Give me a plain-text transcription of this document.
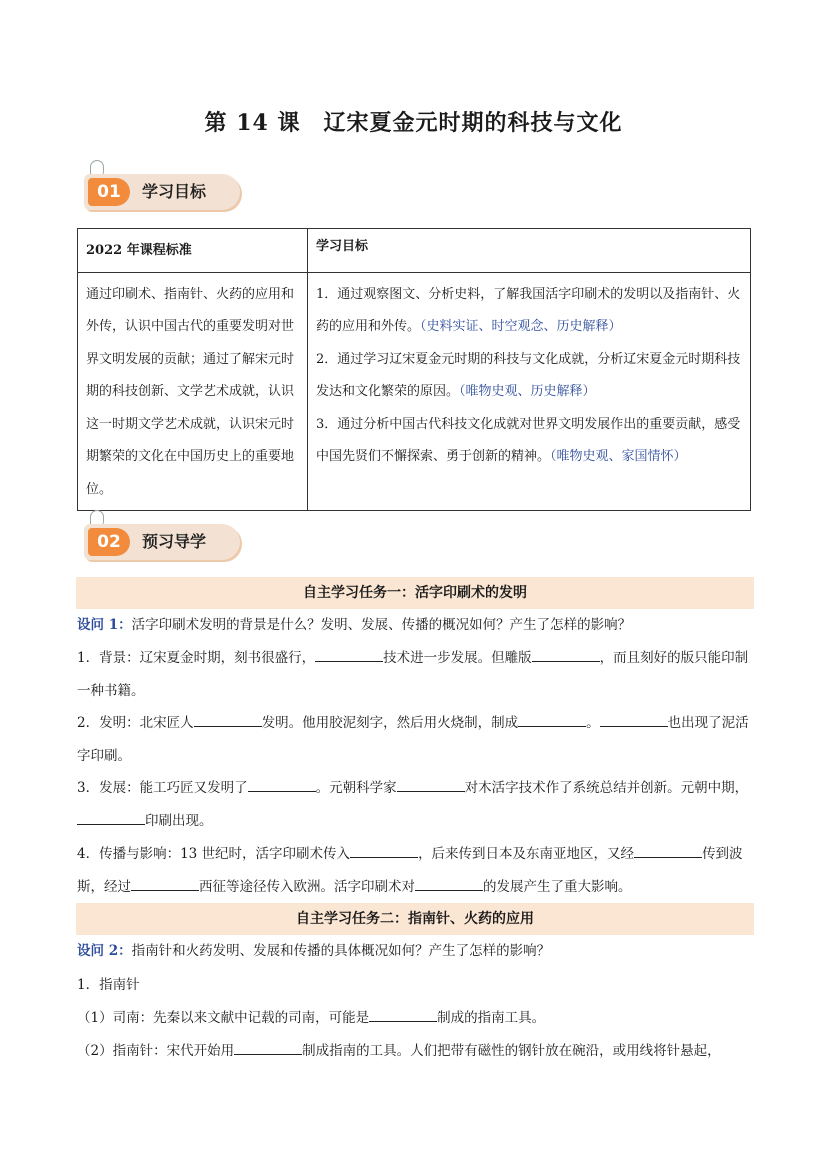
第 14 课　辽宋夏金元时期的科技与文化
01	学习目标
2022 年课程标准	学习目标
通过印刷术、指南针、火药的应用和外传，认识中国古代的重要发明对世界文明发展的贡献；通过了解宋元时期的科技创新、文学艺术成就，认识这一时期文学艺术成就，认识宋元时期繁荣的文化在中国历史上的重要地位。	1．通过观察图文、分析史料，了解我国活字印刷术的发明以及指南针、火药的应用和外传。（史料实证、时空观念、历史解释）
2．通过学习辽宋夏金元时期的科技与文化成就，分析辽宋夏金元时期科技发达和文化繁荣的原因。（唯物史观、历史解释）
3．通过分析中国古代科技文化成就对世界文明发展作出的重要贡献，感受中国先贤们不懈探索、勇于创新的精神。（唯物史观、家国情怀）
02	预习导学
自主学习任务一：活字印刷术的发明
设问 1：活字印刷术发明的背景是什么？发明、发展、传播的概况如何？产生了怎样的影响？
1．背景：辽宋夏金时期，刻书很盛行，	技术进一步发展。但雕版	，而且刻好的版只能印制一种书籍。
2．发明：北宋匠人	发明。他用胶泥刻字，然后用火烧制，制成	。	也出现了泥活字印刷。
3．发展：能工巧匠又发明了	。元朝科学家	对木活字技术作了系统总结并创新。元朝中期，印刷出现。
4．传播与影响：13 世纪时，活字印刷术传入	，后来传到日本及东南亚地区，又经	传到波斯，经过	西征等途径传入欧洲。活字印刷术对	的发展产生了重大影响。
自主学习任务二：指南针、火药的应用
设问 2：指南针和火药发明、发展和传播的具体概况如何？产生了怎样的影响？
1．指南针
（1）司南：先秦以来文献中记载的司南，可能是	制成的指南工具。
（2）指南针：宋代开始用	制成指南的工具。人们把带有磁性的钢针放在碗沿，或用线将针悬起，
